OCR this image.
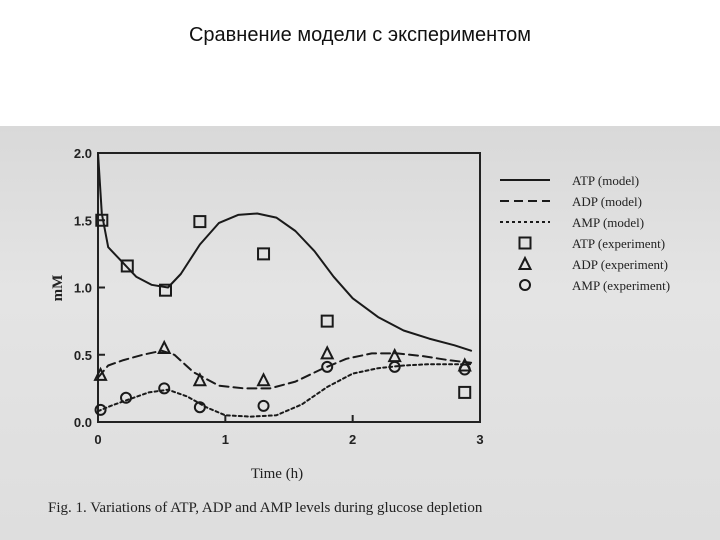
Сравнение модели с экспериментом
0.0
0.5
1.0
1.5
2.0
0	1	2	3
ATP (model)
ADP (model)
AMP (model)
ATP (experiment)
ADP (experiment)
AMP (experiment)
mM
Time (h)
Fig. 1. Variations of ATP, ADP and AMP levels during glucose depletion
